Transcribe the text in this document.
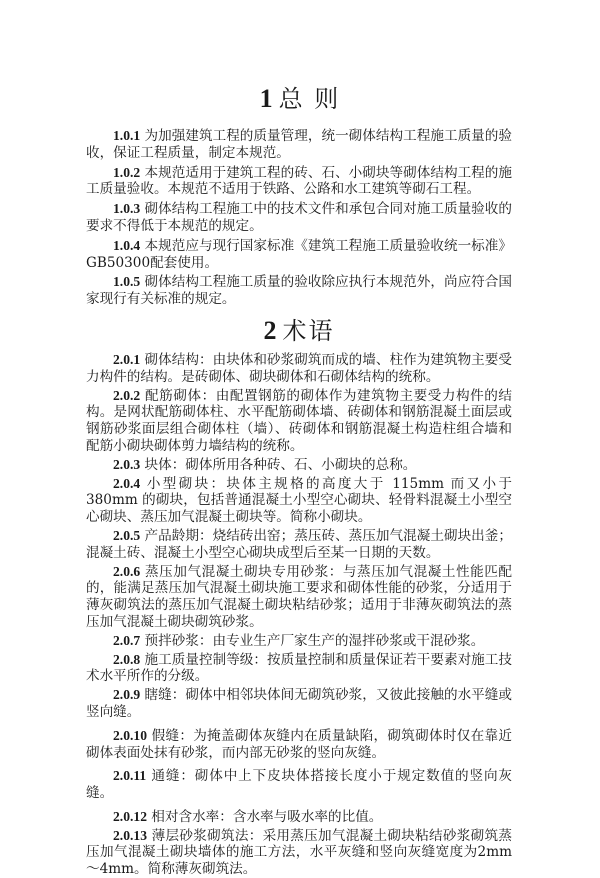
1 总 则

1.0.1 为加强建筑工程的质量管理，统一砌体结构工程施工质量的验收，保证工程质量，制定本规范。

1.0.2 本规范适用于建筑工程的砖、石、小砌块等砌体结构工程的施工质量验收。本规范不适用于铁路、公路和水工建筑等砌石工程。

1.0.3 砌体结构工程施工中的技术文件和承包合同对施工质量验收的要求不得低于本规范的规定。

1.0.4 本规范应与现行国家标准《建筑工程施工质量验收统一标准》GB50300配套使用。

1.0.5 砌体结构工程施工质量的验收除应执行本规范外，尚应符合国家现行有关标准的规定。

2 术语

2.0.1 砌体结构：由块体和砂浆砌筑而成的墙、柱作为建筑物主要受力构件的结构。是砖砌体、砌块砌体和石砌体结构的统称。

2.0.2 配筋砌体：由配置钢筋的砌体作为建筑物主要受力构件的结构。是网状配筋砌体柱、水平配筋砌体墙、砖砌体和钢筋混凝土面层或钢筋砂浆面层组合砌体柱（墙）、砖砌体和钢筋混凝土构造柱组合墙和配筋小砌块砌体剪力墙结构的统称。

2.0.3 块体：砌体所用各种砖、石、小砌块的总称。

2.0.4 小型砌块：块体主规格的高度大于 115mm 而又小于 380mm 的砌块，包括普通混凝土小型空心砌块、轻骨料混凝土小型空心砌块、蒸压加气混凝土砌块等。简称小砌块。

2.0.5 产品龄期：烧结砖出窑；蒸压砖、蒸压加气混凝土砌块出釜；混凝土砖、混凝土小型空心砌块成型后至某一日期的天数。

2.0.6 蒸压加气混凝土砌块专用砂浆：与蒸压加气混凝土性能匹配的，能满足蒸压加气混凝土砌块施工要求和砌体性能的砂浆，分适用于薄灰砌筑法的蒸压加气混凝土砌块粘结砂浆；适用于非薄灰砌筑法的蒸压加气混凝土砌块砌筑砂浆。

2.0.7 预拌砂浆：由专业生产厂家生产的湿拌砂浆或干混砂浆。

2.0.8 施工质量控制等级：按质量控制和质量保证若干要素对施工技术水平所作的分级。

2.0.9 瞎缝：砌体中相邻块体间无砌筑砂浆，又彼此接触的水平缝或竖向缝。

2.0.10 假缝：为掩盖砌体灰缝内在质量缺陷，砌筑砌体时仅在靠近砌体表面处抹有砂浆，而内部无砂浆的竖向灰缝。

2.0.11 通缝：砌体中上下皮块体搭接长度小于规定数值的竖向灰缝。

2.0.12 相对含水率：含水率与吸水率的比值。

2.0.13 薄层砂浆砌筑法：采用蒸压加气混凝土砌块粘结砂浆砌筑蒸压加气混凝土砌块墙体的施工方法，水平灰缝和竖向灰缝宽度为2mm～4mm。简称薄灰砌筑法。
